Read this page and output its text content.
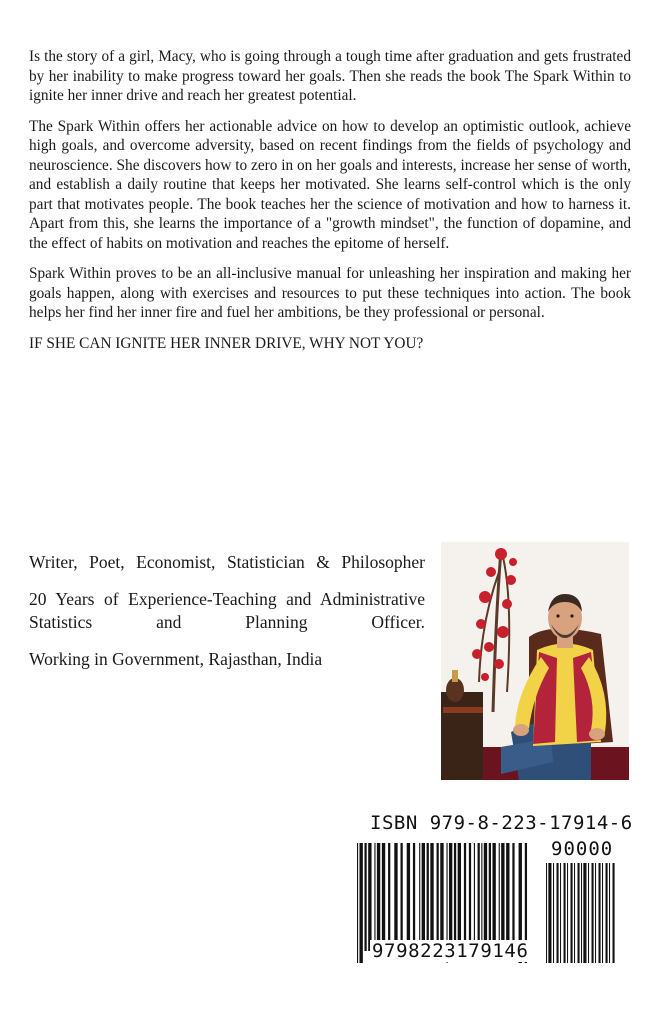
Is the story of a girl, Macy, who is going through a tough time after graduation and gets frustrated by her inability to make progress toward her goals. Then she reads the book The Spark Within to ignite her inner drive and reach her greatest potential.

The Spark Within offers her actionable advice on how to develop an optimistic outlook, achieve high goals, and overcome adversity, based on recent findings from the fields of psychology and neuroscience. She discovers how to zero in on her goals and interests, increase her sense of worth, and establish a daily routine that keeps her motivated. She learns self-control which is the only part that motivates people. The book teaches her the science of motivation and how to harness it. Apart from this, she learns the importance of a "growth mindset", the function of dopamine, and the effect of habits on motivation and reaches the epitome of herself.

Spark Within proves to be an all-inclusive manual for unleashing her inspiration and making her goals happen, along with exercises and resources to put these techniques into action. The book helps her find her inner fire and fuel her ambitions, be they professional or personal.

IF SHE CAN IGNITE HER INNER DRIVE, WHY NOT YOU?

Writer, Poet, Economist, Statistician & Philosopher

20 Years of Experience-Teaching and Administrative Statistics and Planning Officer.

Working in Government, Rajasthan, India

ISBN 979-8-223-17914-6
90000
9798223179146
